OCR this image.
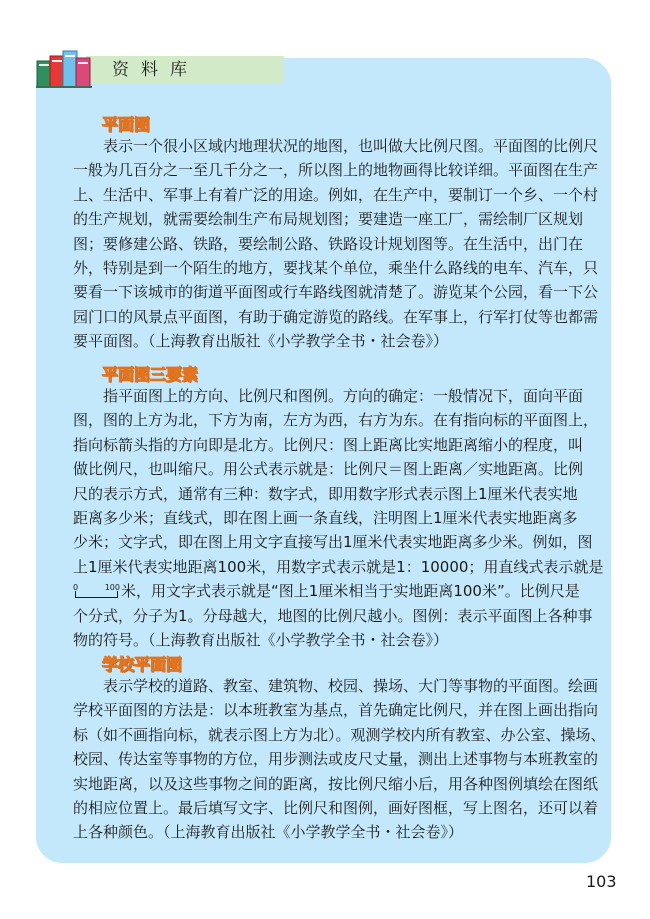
资料库
平面图
表示一个很小区域内地理状况的地图，也叫做大比例尺图。平面图的比例尺
一般为几百分之一至几千分之一，所以图上的地物画得比较详细。平面图在生产
上、生活中、军事上有着广泛的用途。例如，在生产中，要制订一个乡、一个村
的生产规划，就需要绘制生产布局规划图；要建造一座工厂，需绘制厂区规划
图；要修建公路、铁路，要绘制公路、铁路设计规划图等。在生活中，出门在
外，特别是到一个陌生的地方，要找某个单位，乘坐什么路线的电车、汽车，只
要看一下该城市的街道平面图或行车路线图就清楚了。游览某个公园，看一下公
园门口的风景点平面图，有助于确定游览的路线。在军事上，行军打仗等也都需
要平面图。（上海教育出版社《小学教学全书・社会卷》）
平面图三要素
指平面图上的方向、比例尺和图例。方向的确定：一般情况下，面向平面
图，图的上方为北，下方为南，左方为西，右方为东。在有指向标的平面图上，
指向标箭头指的方向即是北方。比例尺：图上距离比实地距离缩小的程度，叫
做比例尺，也叫缩尺。用公式表示就是：比例尺＝图上距离／实地距离。比例
尺的表示方式，通常有三种：数字式，即用数字形式表示图上1厘米代表实地
距离多少米；直线式，即在图上画一条直线，注明图上1厘米代表实地距离多
少米；文字式，即在图上用文字直接写出1厘米代表实地距离多少米。例如，图
上1厘米代表实地距离100米，用数字式表示就是1：10000；用直线式表示就是
0	100 米，用文字式表示就是“图上1厘米相当于实地距离100米”。比例尺是
个分式，分子为1。分母越大，地图的比例尺越小。图例：表示平面图上各种事
物的符号。（上海教育出版社《小学教学全书・社会卷》）
学校平面图
表示学校的道路、教室、建筑物、校园、操场、大门等事物的平面图。绘画
学校平面图的方法是：以本班教室为基点，首先确定比例尺，并在图上画出指向
标（如不画指向标，就表示图上方为北）。观测学校内所有教室、办公室、操场、
校园、传达室等事物的方位，用步测法或皮尺丈量，测出上述事物与本班教室的
实地距离，以及这些事物之间的距离，按比例尺缩小后，用各种图例填绘在图纸
的相应位置上。最后填写文字、比例尺和图例，画好图框，写上图名，还可以着
上各种颜色。（上海教育出版社《小学教学全书・社会卷》）
103
